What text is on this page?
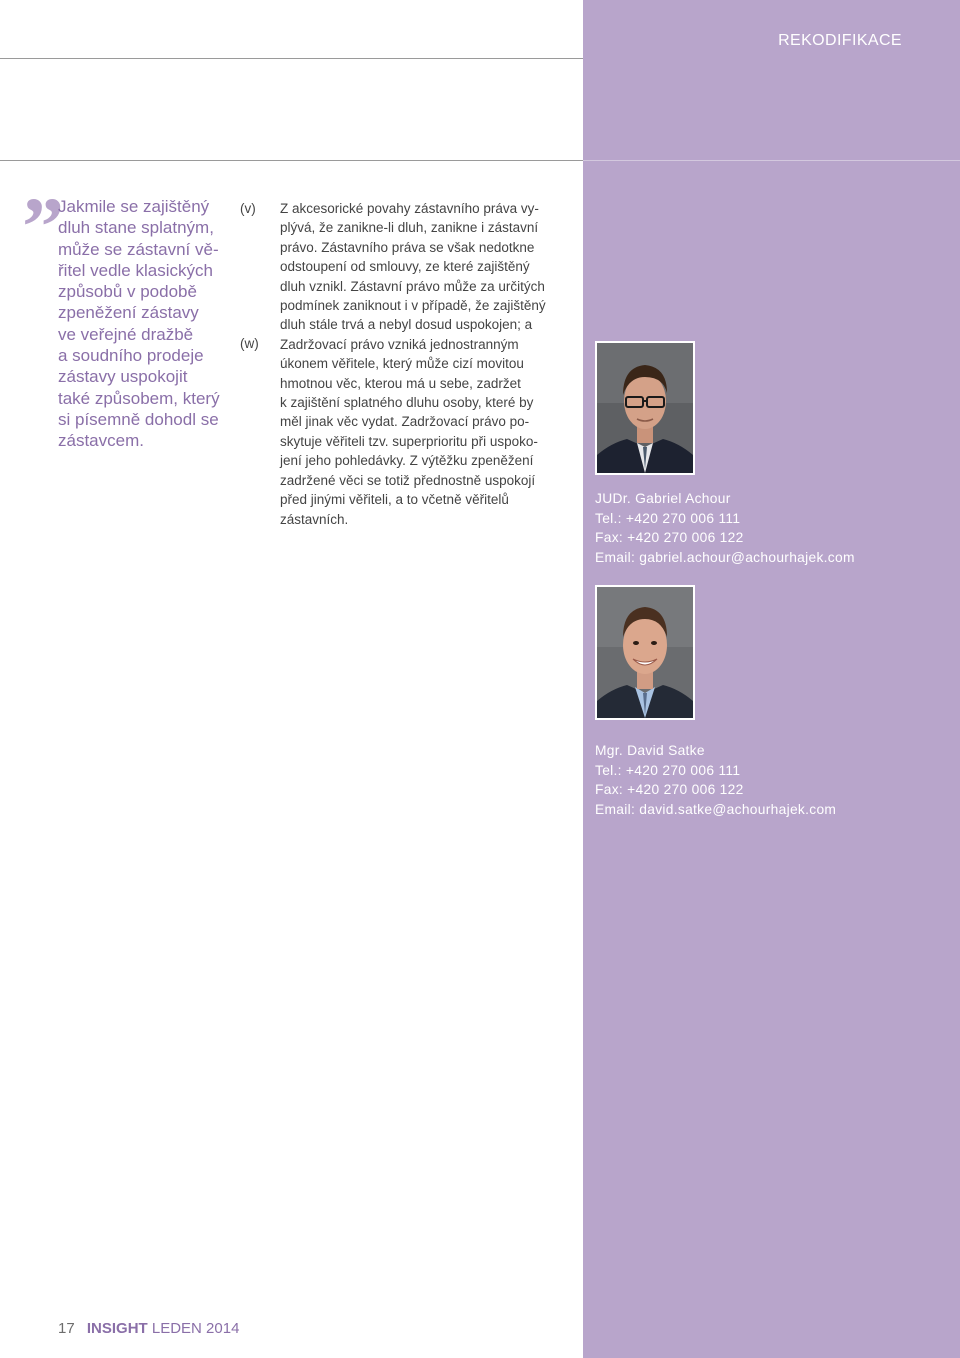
REKODIFIKACE
”

Jakmile se zajištěný
dluh stane splatným,
může se zástavní vě-
řitel vedle klasických
způsobů v podobě
zpeněžení zástavy
ve veřejné dražbě
a soudního prodeje
zástavy uspokojit
také způsobem, který
si písemně dohodl se
zástavcem.

(v)
(w)

Z akcesorické povahy zástavního práva vy-
plývá, že zanikne-li dluh, zanikne i zástavní
právo. Zástavního práva se však nedotkne
odstoupení od smlouvy, ze které zajištěný
dluh vznikl. Zástavní právo může za určitých
podmínek zaniknout i v případě, že zajištěný
dluh stále trvá a nebyl dosud uspokojen; a
Zadržovací právo vzniká jednostranným
úkonem věřitele, který může cizí movitou
hmotnou věc, kterou má u sebe, zadržet
k zajištění splatného dluhu osoby, které by
měl jinak věc vydat. Zadržovací právo po-
skytuje věřiteli tzv. superprioritu při uspoko-
jení jeho pohledávky. Z výtěžku zpeněžení
zadržené věci se totiž přednostně uspokojí
před jinými věřiteli, a to včetně věřitelů
zástavních.

JUDr. Gabriel Achour
Tel.: +420 270 006 111
Fax: +420 270 006 122
Email: gabriel.achour@achourhajek.com
Mgr. David Satke
Tel.: +420 270 006 111
Fax: +420 270 006 122
Email: david.satke@achourhajek.com
17 INSIGHT LEDEN 2014
